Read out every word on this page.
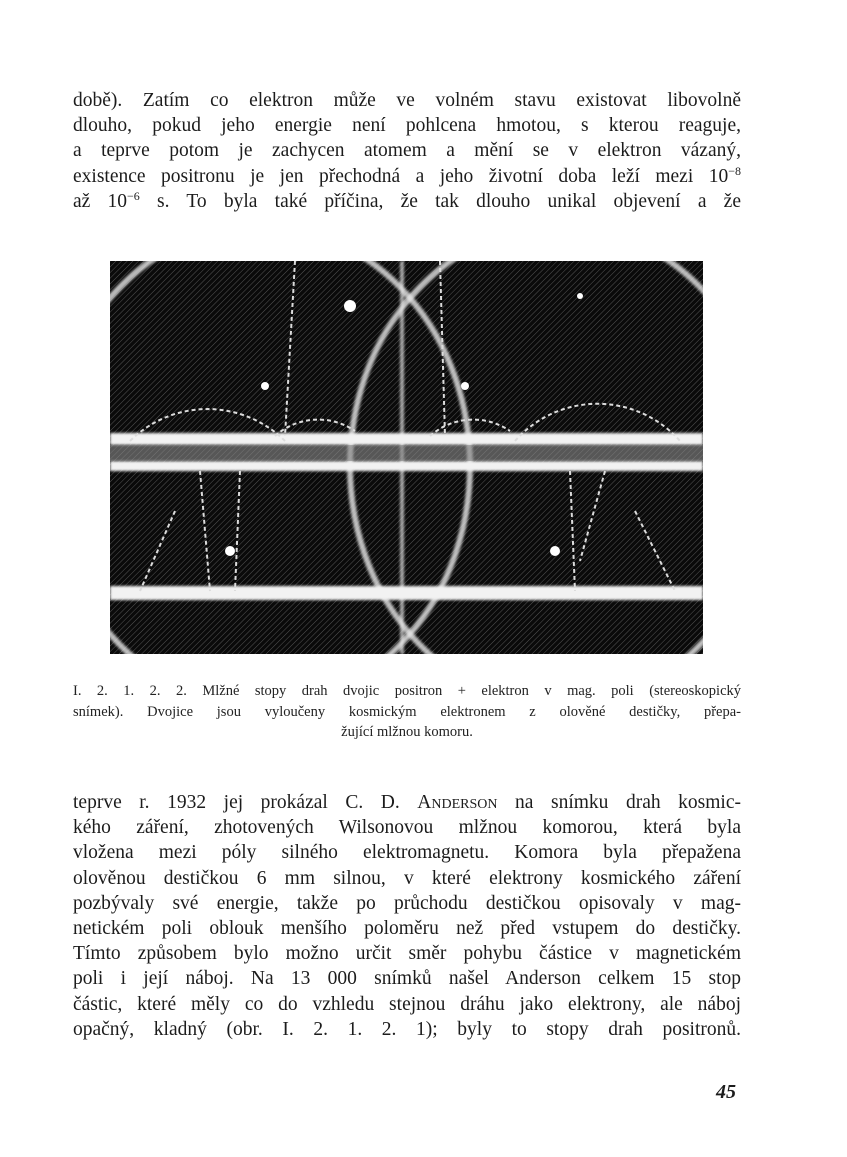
době). Zatím co elektron může ve volném stavu existovat libovolně
dlouho, pokud jeho energie není pohlcena hmotou, s kterou reaguje,
a teprve potom je zachycen atomem a mění se v elektron vázaný,
existence positronu je jen přechodná a jeho životní doba leží mezi $10^{-8}$
až $10^{-6}$ s. To byla také příčina, že tak dlouho unikal objevení a že
I. 2. 1. 2. 2. Mlžné stopy drah dvojic positron + elektron v mag. poli (stereoskopický
snímek). Dvojice jsou vyloučeny kosmickým elektronem z olověné destičky, přepa-
žující mlžnou komoru.
teprve r. 1932 jej prokázal C. D. Anderson na snímku drah kosmic-
kého záření, zhotovených Wilsonovou mlžnou komorou, která byla
vložena mezi póly silného elektromagnetu. Komora byla přepažena
olověnou destičkou 6 mm silnou, v které elektrony kosmického záření
pozbývaly své energie, takže po průchodu destičkou opisovaly v mag-
netickém poli oblouk menšího poloměru než před vstupem do destičky.
Tímto způsobem bylo možno určit směr pohybu částice v magnetickém
poli i její náboj. Na 13 000 snímků našel Anderson celkem 15 stop
částic, které měly co do vzhledu stejnou dráhu jako elektrony, ale náboj
opačný, kladný (obr. I. 2. 1. 2. 1); byly to stopy drah positronů.
45
